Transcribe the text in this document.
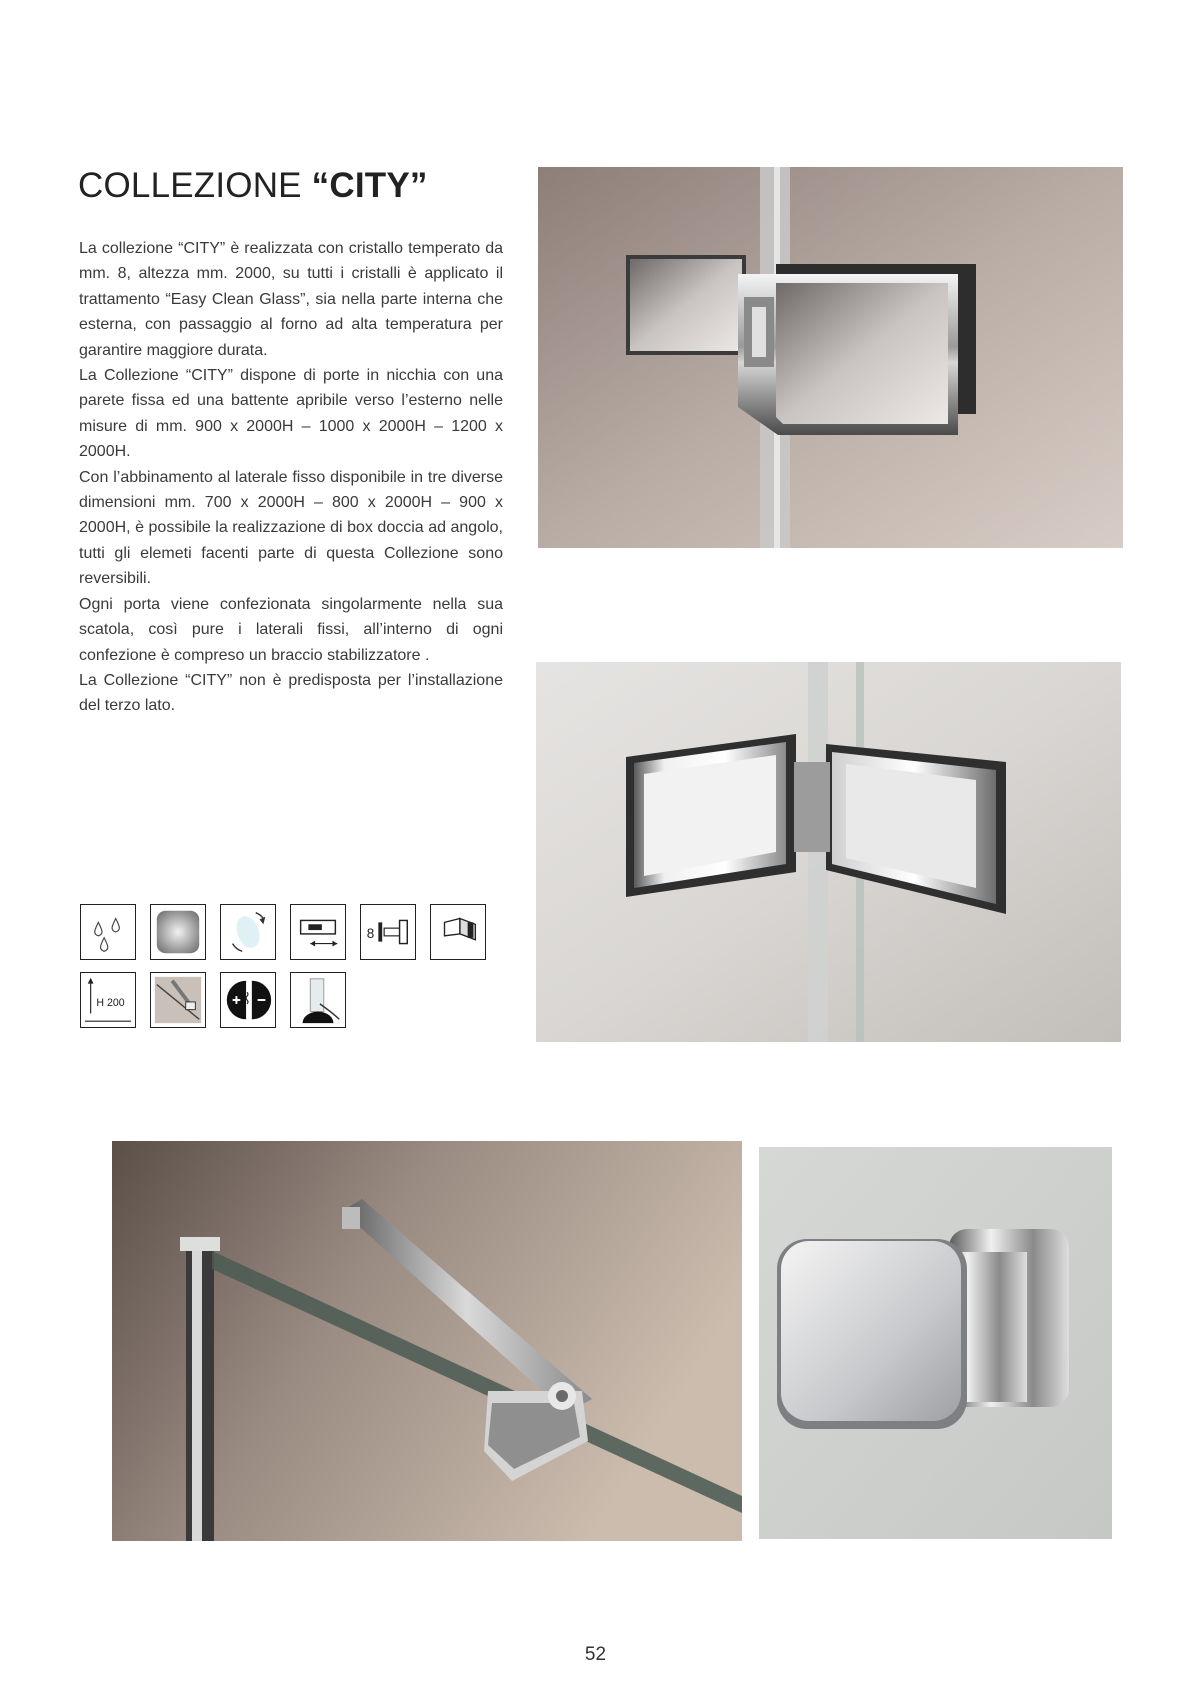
COLLEZIONE “CITY”

La collezione “CITY” è realizzata con cristallo temperato da mm. 8, altezza mm. 2000, su tutti i cristalli è applicato il trattamento “Easy Clean Glass”, sia nella parte interna che esterna, con passaggio al forno ad alta temperatura per garantire maggiore durata.

La Collezione “CITY” dispone di porte in nicchia con una parete fissa ed una battente apribile verso l’esterno nelle misure di mm. 900 x 2000H – 1000 x 2000H – 1200 x 2000H.

Con l’abbinamento al laterale fisso disponibile in tre diverse dimensioni mm. 700 x 2000H – 800 x 2000H – 900 x 2000H, è possibile la realizzazione di box doccia ad angolo, tutti gli elemeti facenti parte di questa Collezione sono reversibili.

Ogni porta viene confezionata singolarmente nella sua scatola, così pure i laterali fissi, all’interno di ogni confezione è compreso un braccio stabilizzatore .

La Collezione “CITY” non è predisposta per l’installazione del terzo lato.

8
H 200
52
